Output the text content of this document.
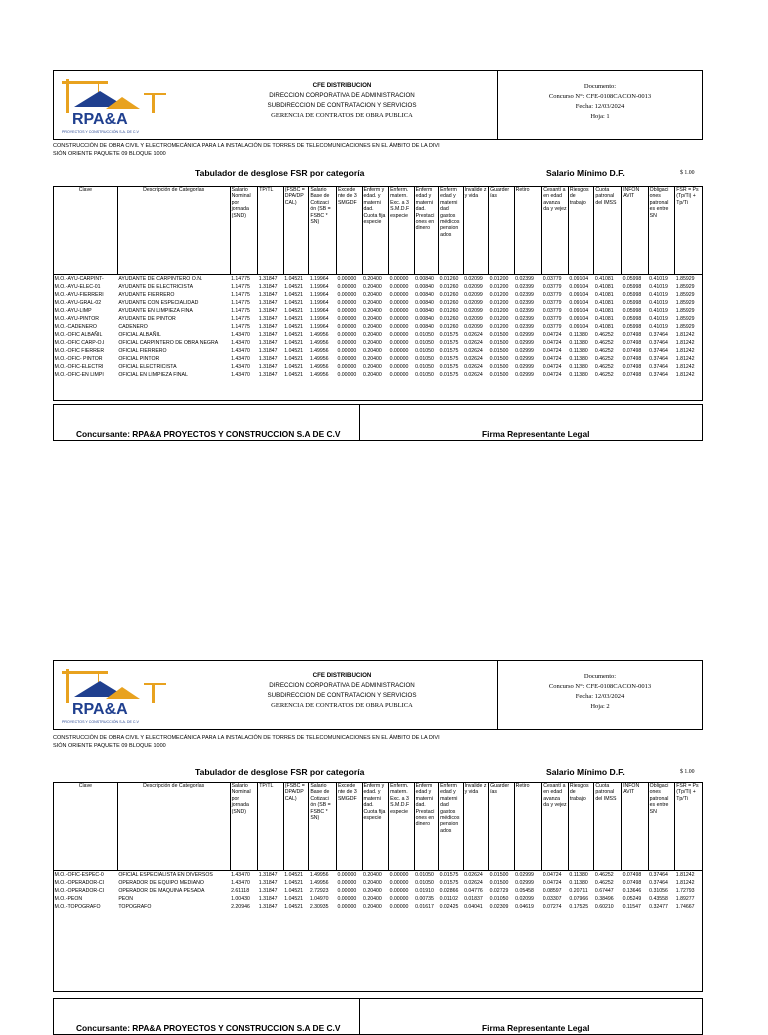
RPA&A
PROYECTOS Y CONSTRUCCIÓN S.A. DE C.V
CFE DISTRIBUCION
DIRECCION CORPORATIVA DE ADMINISTRACION
SUBDIRECCION DE CONTRATACION Y SERVICIOS
GERENCIA DE CONTRATOS DE OBRA PUBLICA
Documento:
Concurso N°: CFE-0108CACON-0013
Fecha: 12/03/2024
Hoja: 1
CONSTRUCCIÓN DE OBRA CIVIL Y ELECTROMECÁNICA PARA LA INSTALACIÓN DE TORRES DE TELECOMUNICACIONES EN EL ÁMBITO DE LA DIVI
SIÓN ORIENTE PAQUETE 09 BLOQUE 1000
Tabulador de desglose FSR por categoría	Salario Mínimo D.F.	$ 1.00
Clave	Descripción de Categorías	Salario Nominal por jornada (SND)	TP/TL	(FSBC = DPA/DP CAL)	Salario Base de Cotizaci ón (SB = FSBC * SN)	Excede nte de 3 SMGDF	Enferm y edad. y materni dad. Cuota fija especie	Enferm. matern. Exc. a 3 S.M.D.F especie	Enferm edad y materni dad. Prestaci ones en dinero	Enferm edad y materni dad gastos médicos pension ados	Invalide z y vida	Guarder ías	Retiro	Cesantí a en edad avanza da y vejez	Riesgos de trabajo	Cuota patronal del IMSS	INFON AVIT	Obligaci ones patronal es entre SN	FSR = Ps (Tp/Ti) + Tp/Ti
M.O.-AYU-CARPINT-	AYUDANTE DE CARPINTERO O.N.	1.14775	1.31847	1.04521	1.19964	0.00000	0.20400	0.00000	0.00840	0.01260	0.02099	0.01200	0.02399	0.03779	0.09104	0.41081	0.05998	0.41019	1.85929
M.O.-AYU-ELEC-01	AYUDANTE DE ELECTRICISTA	1.14775	1.31847	1.04521	1.19964	0.00000	0.20400	0.00000	0.00840	0.01260	0.02099	0.01200	0.02399	0.03779	0.09104	0.41081	0.05998	0.41019	1.85929
M.O.-AYU-FIERRERI	AYUDANTE FIERRERO	1.14775	1.31847	1.04521	1.19964	0.00000	0.20400	0.00000	0.00840	0.01260	0.02099	0.01200	0.02399	0.03779	0.09104	0.41081	0.05998	0.41019	1.85929
M.O.-AYU-GRAL-02	AYUDANTE CON ESPECIALIDAD	1.14775	1.31847	1.04521	1.19964	0.00000	0.20400	0.00000	0.00840	0.01260	0.02099	0.01200	0.02399	0.03779	0.09104	0.41081	0.05998	0.41019	1.85929
M.O.-AYU-LIMP	AYUDANTE EN LIMPIEZA FINA	1.14775	1.31847	1.04521	1.19964	0.00000	0.20400	0.00000	0.00840	0.01260	0.02099	0.01200	0.02399	0.03779	0.09104	0.41081	0.05998	0.41019	1.85929
M.O.-AYU-PINTOR	AYUDANTE DE PINTOR	1.14775	1.31847	1.04521	1.19964	0.00000	0.20400	0.00000	0.00840	0.01260	0.02099	0.01200	0.02399	0.03779	0.09104	0.41081	0.05998	0.41019	1.85929
M.O.-CADENERO	CADENERO	1.14775	1.31847	1.04521	1.19964	0.00000	0.20400	0.00000	0.00840	0.01260	0.02099	0.01200	0.02399	0.03779	0.09104	0.41081	0.05998	0.41019	1.85929
M.O.-OFIC ALBAÑIL	OFICIAL ALBAÑIL	1.43470	1.31847	1.04521	1.49956	0.00000	0.20400	0.00000	0.01050	0.01575	0.02624	0.01500	0.02999	0.04724	0.11380	0.46252	0.07498	0.37464	1.81242
M.O.-OFIC CARP-O.I	OFICIAL CARPINTERO DE OBRA NEGRA	1.43470	1.31847	1.04521	1.49956	0.00000	0.20400	0.00000	0.01050	0.01575	0.02624	0.01500	0.02999	0.04724	0.11380	0.46252	0.07498	0.37464	1.81242
M.O.-OFIC FIERRER	OFICIAL FIERRERO	1.43470	1.31847	1.04521	1.49956	0.00000	0.20400	0.00000	0.01050	0.01575	0.02624	0.01500	0.02999	0.04724	0.11380	0.46252	0.07498	0.37464	1.81242
M.O.-OFIC- PINTOR	OFICIAL PINTOR	1.43470	1.31847	1.04521	1.49956	0.00000	0.20400	0.00000	0.01050	0.01575	0.02624	0.01500	0.02999	0.04724	0.11380	0.46252	0.07498	0.37464	1.81242
M.O.-OFIC-ELECTRI	OFICIAL ELECTRICISTA	1.43470	1.31847	1.04521	1.49956	0.00000	0.20400	0.00000	0.01050	0.01575	0.02624	0.01500	0.02999	0.04724	0.11380	0.46252	0.07498	0.37464	1.81242
M.O.-OFIC-EN LIMPI	OFICIAL EN LIMPIEZA FINAL	1.43470	1.31847	1.04521	1.49956	0.00000	0.20400	0.00000	0.01050	0.01575	0.02624	0.01500	0.02999	0.04724	0.11380	0.46252	0.07498	0.37464	1.81242
Concursante: RPA&A PROYECTOS Y CONSTRUCCION S.A DE C.V	Firma Representante Legal
RPA&A
PROYECTOS Y CONSTRUCCIÓN S.A. DE C.V
CFE DISTRIBUCION
DIRECCION CORPORATIVA DE ADMINISTRACION
SUBDIRECCION DE CONTRATACION Y SERVICIOS
GERENCIA DE CONTRATOS DE OBRA PUBLICA
Documento:
Concurso N°: CFE-0108CACON-0013
Fecha: 12/03/2024
Hoja: 2
CONSTRUCCIÓN DE OBRA CIVIL Y ELECTROMECÁNICA PARA LA INSTALACIÓN DE TORRES DE TELECOMUNICACIONES EN EL ÁMBITO DE LA DIVI
SIÓN ORIENTE PAQUETE 09 BLOQUE 1000
Tabulador de desglose FSR por categoría	Salario Mínimo D.F.	$ 1.00
Clave	Descripción de Categorías	Salario Nominal por jornada (SND)	TP/TL	(FSBC = DPA/DP CAL)	Salario Base de Cotizaci ón (SB = FSBC * SN)	Excede nte de 3 SMGDF	Enferm y edad. y materni dad. Cuota fija especie	Enferm. matern. Exc. a 3 S.M.D.F especie	Enferm edad y materni dad. Prestaci ones en dinero	Enferm edad y materni dad gastos médicos pension ados	Invalide z y vida	Guarder ías	Retiro	Cesantí a en edad avanza da y vejez	Riesgos de trabajo	Cuota patronal del IMSS	INFON AVIT	Obligaci ones patronal es entre SN	FSR = Ps (Tp/Ti) + Tp/Ti
M.O.-OFIC-ESPEC-0	OFICIAL ESPECIALISTA EN DIVERSOS	1.43470	1.31847	1.04521	1.49956	0.00000	0.20400	0.00000	0.01050	0.01575	0.02624	0.01500	0.02999	0.04724	0.11380	0.46252	0.07498	0.37464	1.81242
M.O.-OPERADOR-CI	OPERADOR DE EQUIPO MEDIANO	1.43470	1.31847	1.04521	1.49956	0.00000	0.20400	0.00000	0.01050	0.01575	0.02624	0.01500	0.02999	0.04724	0.11380	0.46252	0.07498	0.37464	1.81242
M.O.-OPERADOR-CI	OPERADOR DE MAQUINA PESADA	2.61118	1.31847	1.04521	2.72923	0.00000	0.20400	0.00000	0.01910	0.02866	0.04776	0.02729	0.05458	0.08597	0.20711	0.67447	0.13646	0.31056	1.72793
M.O.-PEON	PEON	1.00430	1.31847	1.04521	1.04970	0.00000	0.20400	0.00000	0.00735	0.01102	0.01837	0.01050	0.02099	0.03307	0.07966	0.38496	0.05249	0.43558	1.89277
M.O.-TOPOGRAFO	TOPOGRAFO	2.20946	1.31847	1.04521	2.30935	0.00000	0.20400	0.00000	0.01617	0.02425	0.04041	0.02309	0.04619	0.07274	0.17525	0.60210	0.11547	0.32477	1.74667
Concursante: RPA&A PROYECTOS Y CONSTRUCCION S.A DE C.V	Firma Representante Legal
